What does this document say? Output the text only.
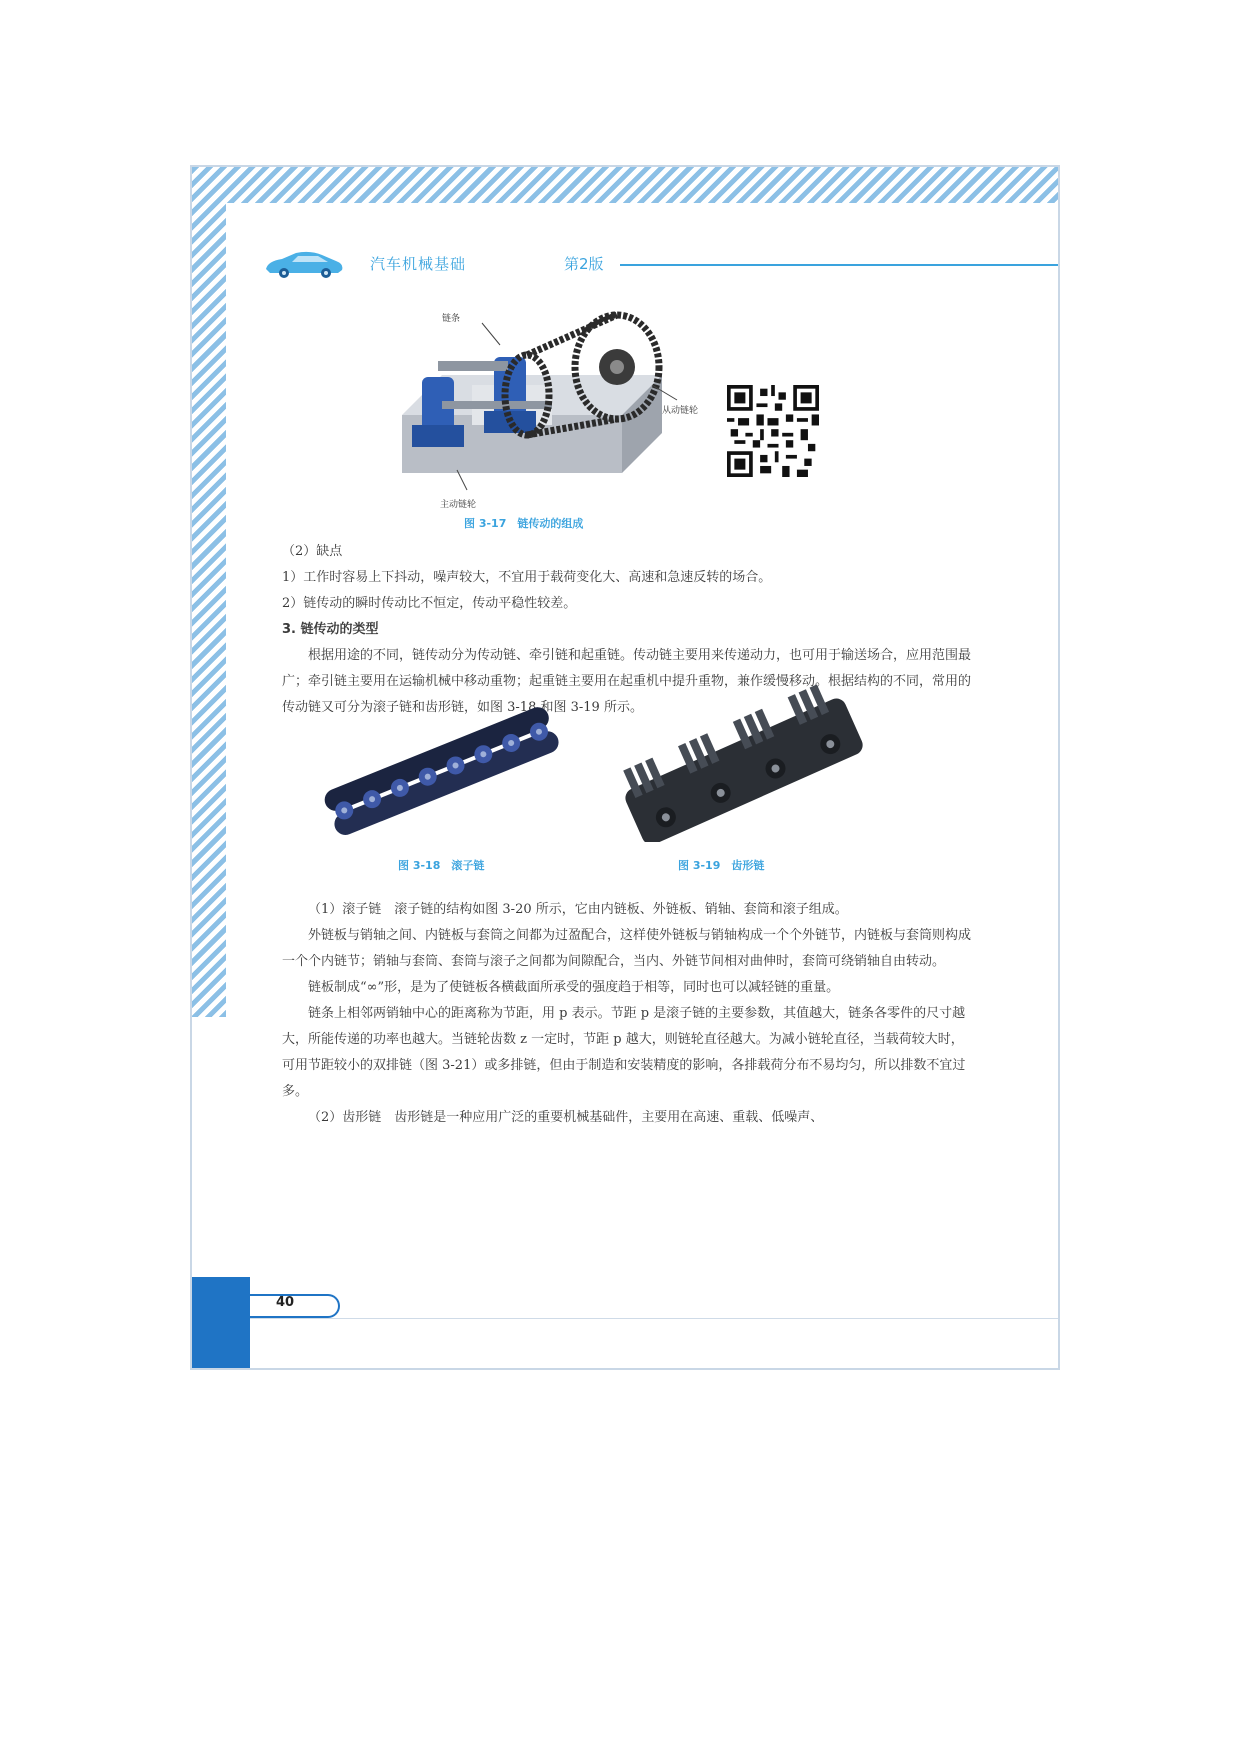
汽车机械基础	第2版
链条
从动链轮
主动链轮
图 3-17　链传动的组成

（2）缺点

1）工作时容易上下抖动，噪声较大，不宜用于载荷变化大、高速和急速反转的场合。

2）链传动的瞬时传动比不恒定，传动平稳性较差。

3. 链传动的类型

根据用途的不同，链传动分为传动链、牵引链和起重链。传动链主要用来传递动力，也可用于输送场合，应用范围最广；牵引链主要用在运输机械中移动重物；起重链主要用在起重机中提升重物，兼作缓慢移动。根据结构的不同，常用的传动链又可分为滚子链和齿形链，如图 3-18 和图 3-19 所示。

图 3-18　滚子链	图 3-19　齿形链

（1）滚子链　滚子链的结构如图 3-20 所示，它由内链板、外链板、销轴、套筒和滚子组成。

外链板与销轴之间、内链板与套筒之间都为过盈配合，这样使外链板与销轴构成一个个外链节，内链板与套筒则构成一个个内链节；销轴与套筒、套筒与滚子之间都为间隙配合，当内、外链节间相对曲伸时，套筒可绕销轴自由转动。

链板制成“∞”形，是为了使链板各横截面所承受的强度趋于相等，同时也可以减轻链的重量。

链条上相邻两销轴中心的距离称为节距，用 p 表示。节距 p 是滚子链的主要参数，其值越大，链条各零件的尺寸越大，所能传递的功率也越大。当链轮齿数 z 一定时，节距 p 越大，则链轮直径越大。为减小链轮直径，当载荷较大时，可用节距较小的双排链（图 3-21）或多排链，但由于制造和安装精度的影响，各排载荷分布不易均匀，所以排数不宜过多。

（2）齿形链　齿形链是一种应用广泛的重要机械基础件，主要用在高速、重载、低噪声、

40
